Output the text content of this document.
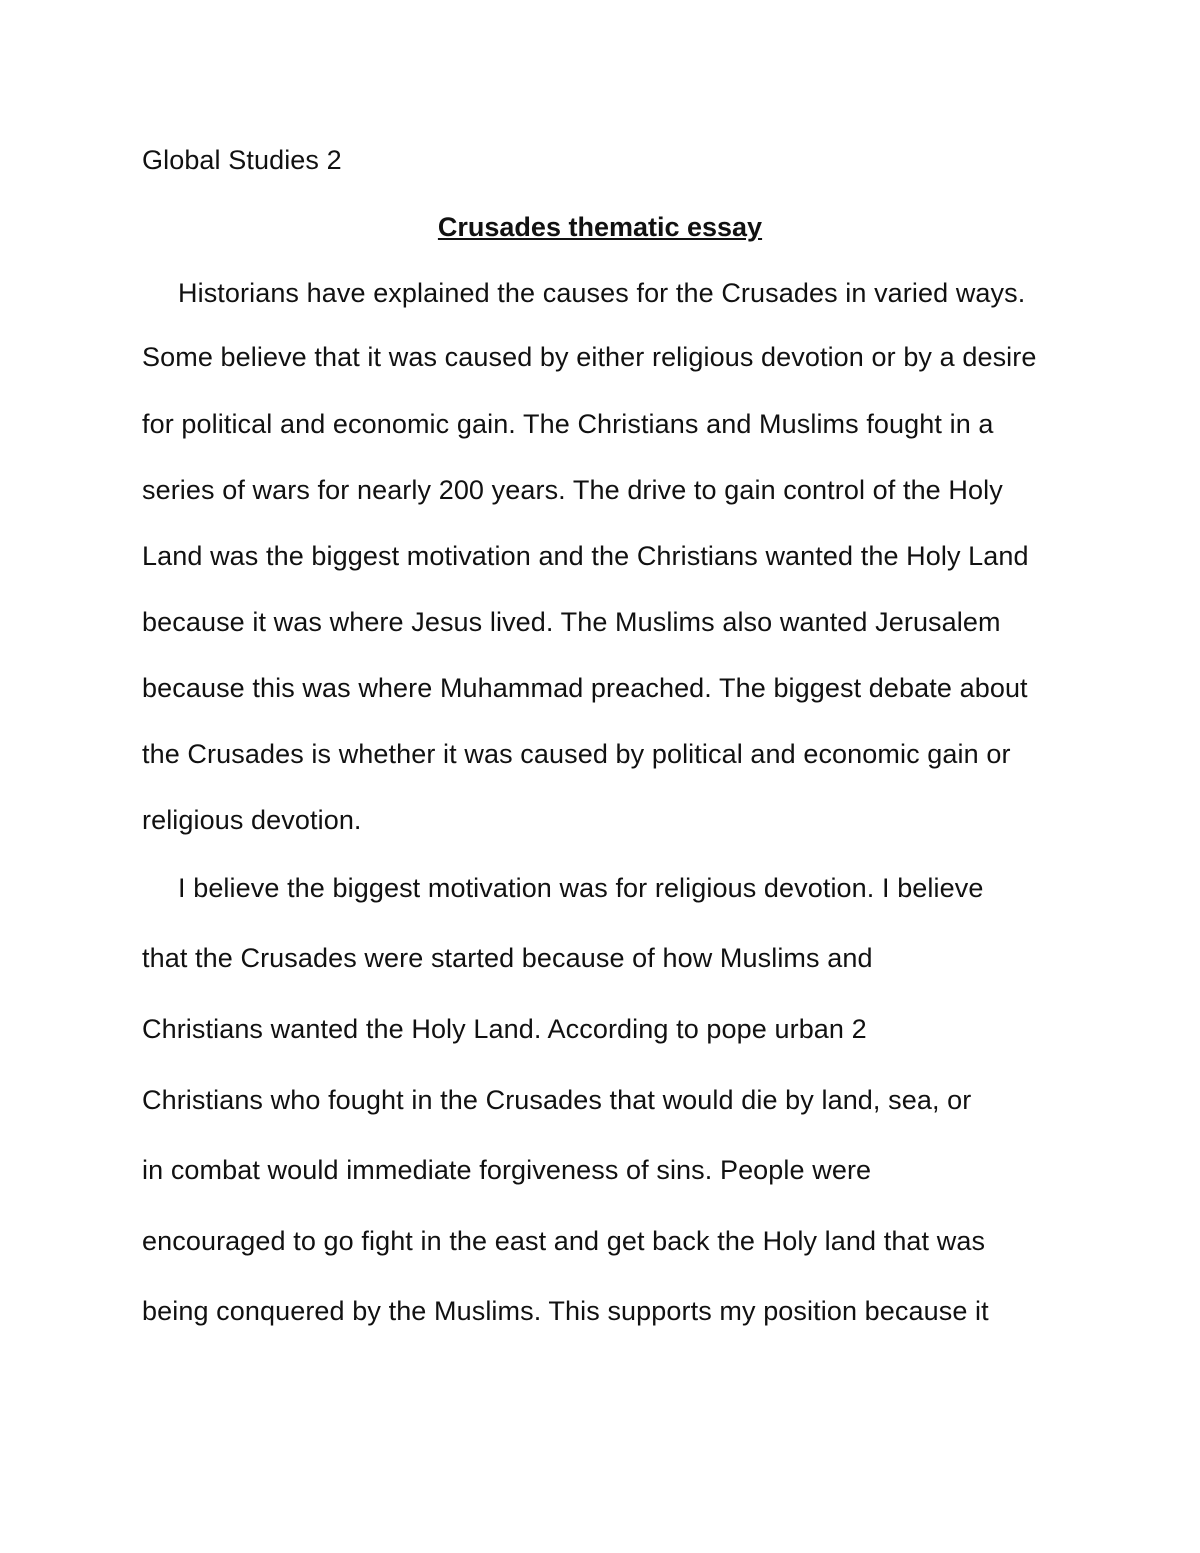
Global Studies 2
Crusades thematic essay
Historians have explained the causes for the Crusades in varied ways.
Some believe that it was caused by either religious devotion or by a desire
for political and economic gain. The Christians and Muslims fought in a
series of wars for nearly 200 years. The drive to gain control of the Holy
Land was the biggest motivation and the Christians wanted the Holy Land
because it was where Jesus lived. The Muslims also wanted Jerusalem
because this was where Muhammad preached. The biggest debate about
the Crusades is whether it was caused by political and economic gain or
religious devotion.
I believe the biggest motivation was for religious devotion. I believe
that the Crusades were started because of how Muslims and
Christians wanted the Holy Land. According to pope urban 2
Christians who fought in the Crusades that would die by land, sea, or
in combat would immediate forgiveness of sins. People were
encouraged to go fight in the east and get back the Holy land that was
being conquered by the Muslims. This supports my position because it
